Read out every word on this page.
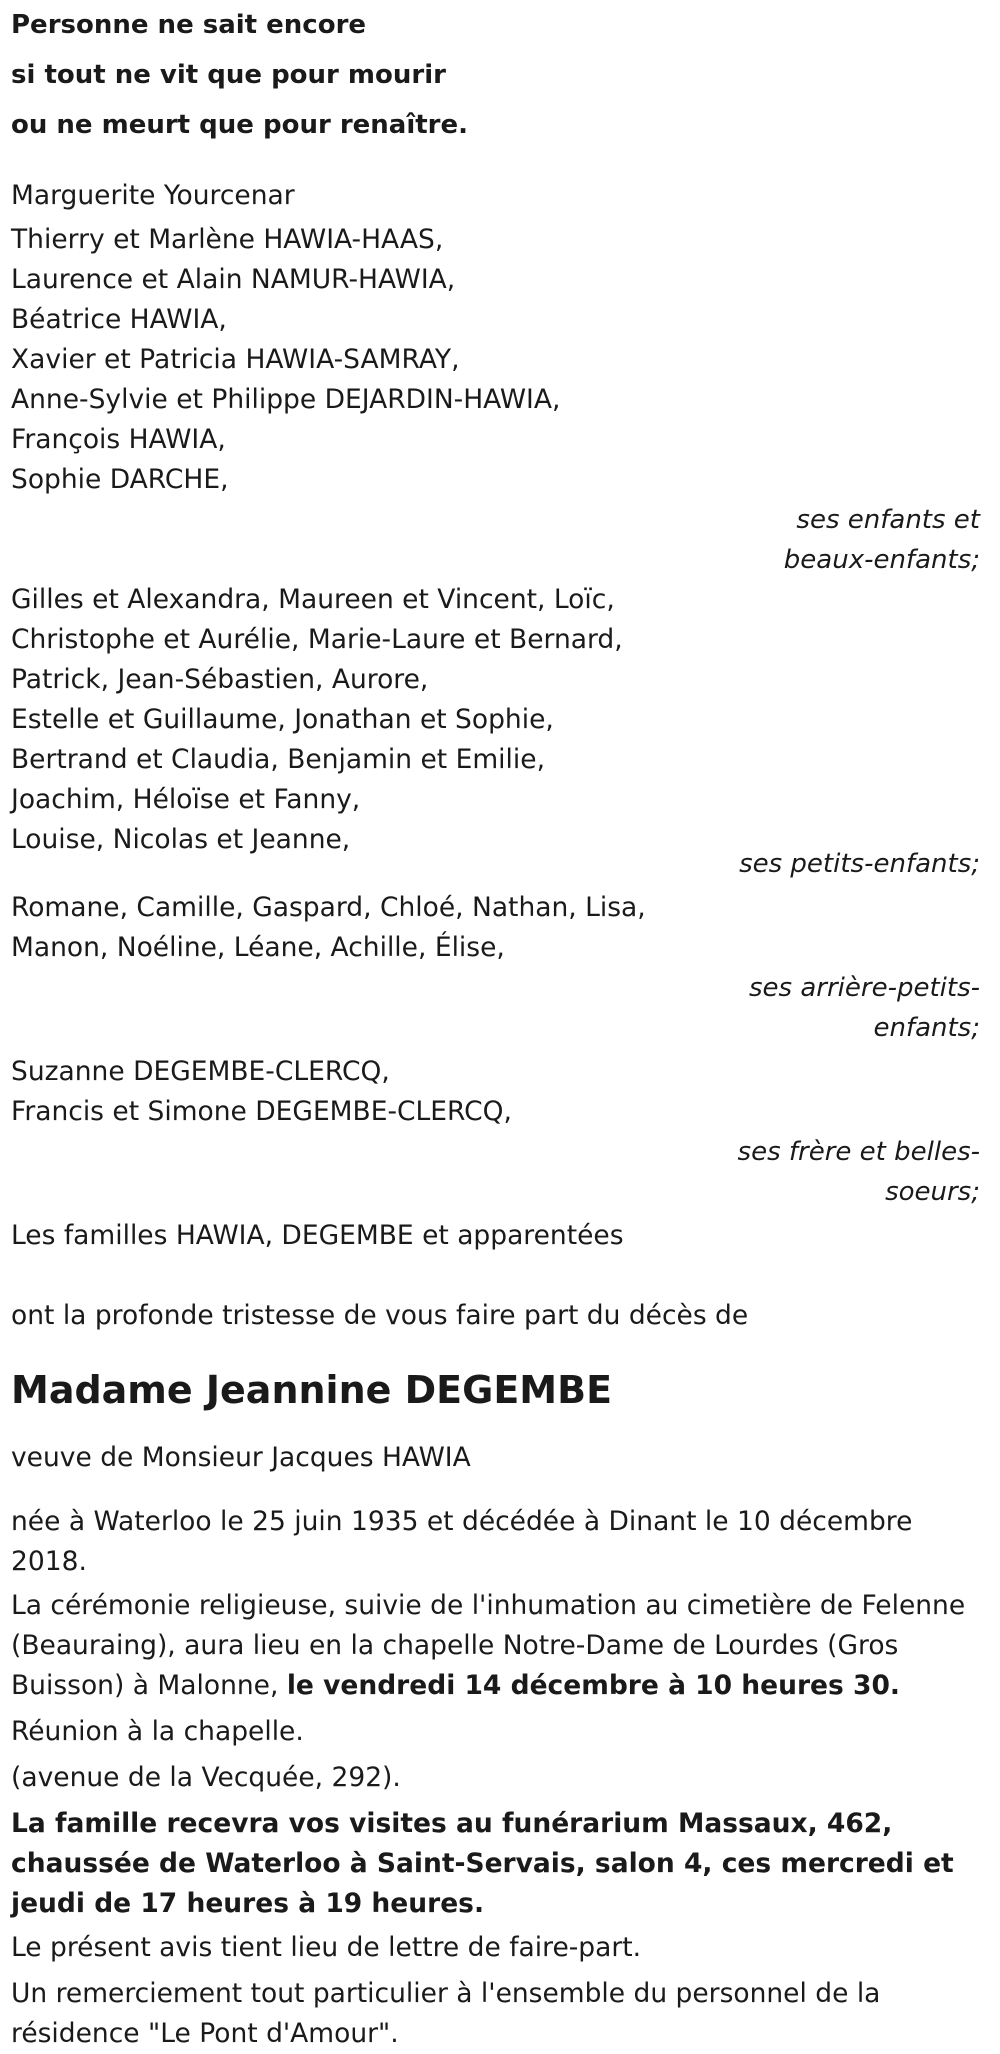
Personne ne sait encore
si tout ne vit que pour mourir
ou ne meurt que pour renaître.
Marguerite Yourcenar
Thierry et Marlène HAWIA-HAAS,
Laurence et Alain NAMUR-HAWIA,
Béatrice HAWIA,
Xavier et Patricia HAWIA-SAMRAY,
Anne-Sylvie et Philippe DEJARDIN-HAWIA,
François HAWIA,
Sophie DARCHE,
ses enfants et
beaux-enfants;
Gilles et Alexandra, Maureen et Vincent, Loïc,
Christophe et Aurélie, Marie-Laure et Bernard,
Patrick, Jean-Sébastien, Aurore,
Estelle et Guillaume, Jonathan et Sophie,
Bertrand et Claudia, Benjamin et Emilie,
Joachim, Héloïse et Fanny,
Louise, Nicolas et Jeanne,
ses petits-enfants;
Romane, Camille, Gaspard, Chloé, Nathan, Lisa,
Manon, Noéline, Léane, Achille, Élise,
ses arrière-petits-
enfants;
Suzanne DEGEMBE-CLERCQ,
Francis et Simone DEGEMBE-CLERCQ,
ses frère et belles-
soeurs;
Les familles HAWIA, DEGEMBE et apparentées
ont la profonde tristesse de vous faire part du décès de
Madame Jeannine DEGEMBE
veuve de Monsieur Jacques HAWIA
née à Waterloo le 25 juin 1935 et décédée à Dinant le 10 décembre 2018.
La cérémonie religieuse, suivie de l'inhumation au cimetière de Felenne (Beauraing), aura lieu en la chapelle Notre-Dame de Lourdes (Gros Buisson) à Malonne, le vendredi 14 décembre à 10 heures 30.
Réunion à la chapelle.
(avenue de la Vecquée, 292).
La famille recevra vos visites au funérarium Massaux, 462, chaussée de Waterloo à Saint-Servais, salon 4, ces mercredi et jeudi de 17 heures à 19 heures.
Le présent avis tient lieu de lettre de faire-part.
Un remerciement tout particulier à l'ensemble du personnel de la résidence "Le Pont d'Amour".
